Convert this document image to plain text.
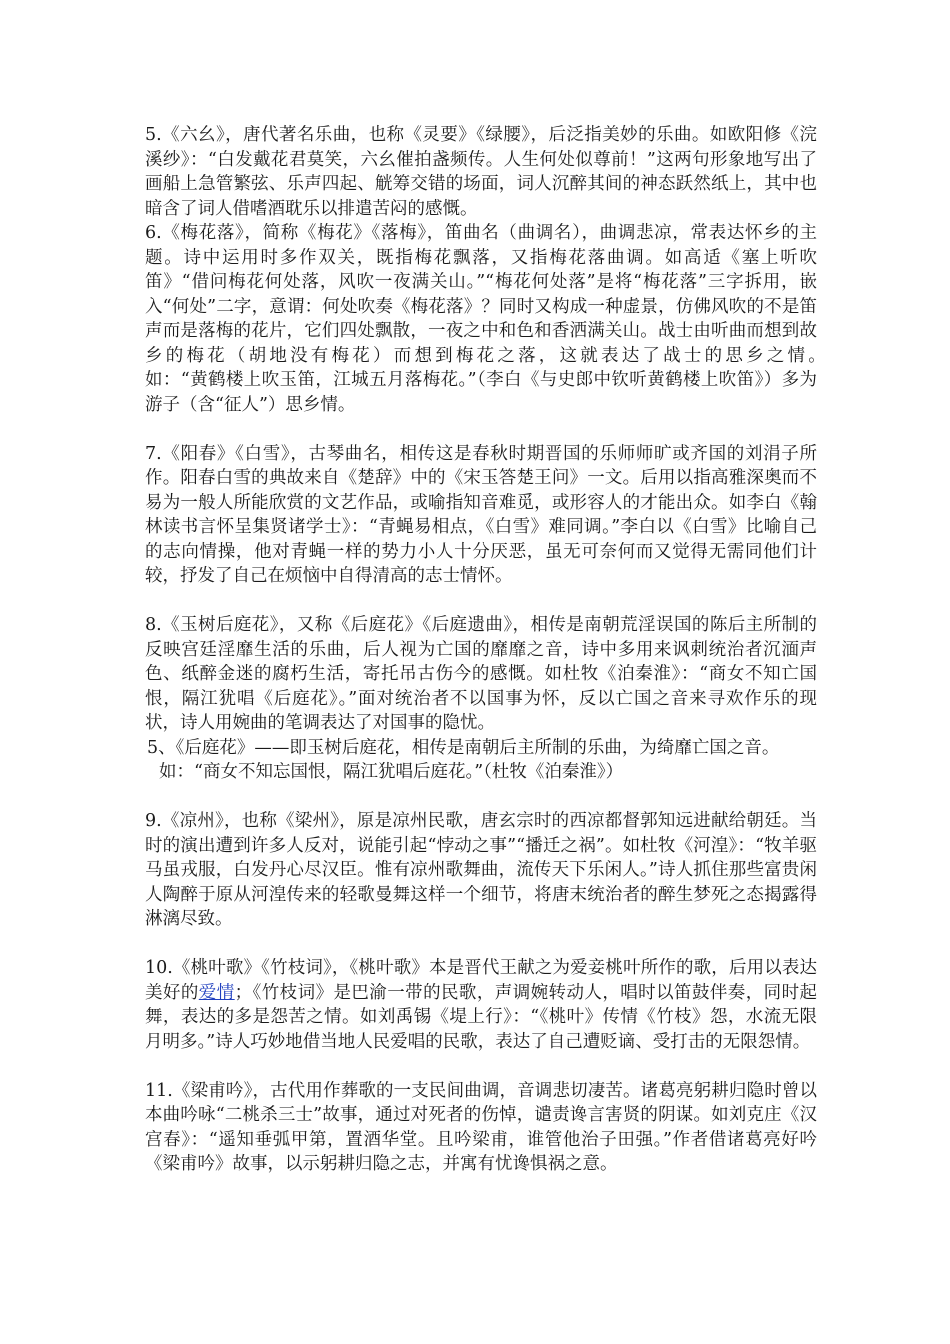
5.《六幺》，唐代著名乐曲，也称《灵要》《绿腰》，后泛指美妙的乐曲。如欧阳修《浣溪纱》：“白发戴花君莫笑，六幺催拍盏频传。人生何处似尊前！”这两句形象地写出了画船上急管繁弦、乐声四起、觥筹交错的场面，词人沉醉其间的神态跃然纸上，其中也暗含了词人借嗜酒耽乐以排遣苦闷的感慨。

6.《梅花落》，简称《梅花》《落梅》，笛曲名（曲调名），曲调悲凉，常表达怀乡的主题。诗中运用时多作双关，既指梅花飘落，又指梅花落曲调。如高适《塞上听吹笛》“借问梅花何处落，风吹一夜满关山。”“梅花何处落”是将“梅花落”三字拆用，嵌入“何处”二字，意谓：何处吹奏《梅花落》？同时又构成一种虚景，仿佛风吹的不是笛声而是落梅的花片，它们四处飘散，一夜之中和色和香洒满关山。战士由听曲而想到故乡的梅花（胡地没有梅花）而想到梅花之落，这就表达了战士的思乡之情。　　　如：“黄鹤楼上吹玉笛，江城五月落梅花。”（李白《与史郎中钦听黄鹤楼上吹笛》）多为游子（含“征人”）思乡情。

7.《阳春》《白雪》，古琴曲名，相传这是春秋时期晋国的乐师师旷或齐国的刘涓子所作。阳春白雪的典故来自《楚辞》中的《宋玉答楚王问》一文。后用以指高雅深奥而不易为一般人所能欣赏的文艺作品，或喻指知音难觅，或形容人的才能出众。如李白《翰林读书言怀呈集贤诸学士》：“青蝇易相点，《白雪》难同调。”李白以《白雪》比喻自己的志向情操，他对青蝇一样的势力小人十分厌恶，虽无可奈何而又觉得无需同他们计较，抒发了自己在烦恼中自得清高的志士情怀。

8.《玉树后庭花》，又称《后庭花》《后庭遗曲》，相传是南朝荒淫误国的陈后主所制的反映宫廷淫靡生活的乐曲，后人视为亡国的靡靡之音，诗中多用来讽刺统治者沉湎声色、纸醉金迷的腐朽生活，寄托吊古伤今的感慨。如杜牧《泊秦淮》：“商女不知亡国恨，隔江犹唱《后庭花》。”面对统治者不以国事为怀，反以亡国之音来寻欢作乐的现状，诗人用婉曲的笔调表达了对国事的隐忧。

5、《后庭花》——即玉树后庭花，相传是南朝后主所制的乐曲，为绮靡亡国之音。

如：“商女不知忘国恨，隔江犹唱后庭花。”（杜牧《泊秦淮》）

9.《凉州》，也称《梁州》，原是凉州民歌，唐玄宗时的西凉都督郭知远进献给朝廷。当时的演出遭到许多人反对，说能引起“悖动之事”“播迁之祸”。如杜牧《河湟》：“牧羊驱马虽戎服，白发丹心尽汉臣。惟有凉州歌舞曲，流传天下乐闲人。”诗人抓住那些富贵闲人陶醉于原从河湟传来的轻歌曼舞这样一个细节，将唐末统治者的醉生梦死之态揭露得淋漓尽致。

10.《桃叶歌》《竹枝词》，《桃叶歌》本是晋代王献之为爱妾桃叶所作的歌，后用以表达美好的爱情；《竹枝词》是巴渝一带的民歌，声调婉转动人，唱时以笛鼓伴奏，同时起舞，表达的多是怨苦之情。如刘禹锡《堤上行》：“《桃叶》传情《竹枝》怨，水流无限月明多。”诗人巧妙地借当地人民爱唱的民歌，表达了自己遭贬谪、受打击的无限怨情。

11.《梁甫吟》，古代用作葬歌的一支民间曲调，音调悲切凄苦。诸葛亮躬耕归隐时曾以本曲吟咏“二桃杀三士”故事，通过对死者的伤悼，谴责谗言害贤的阴谋。如刘克庄《汉宫春》：“遥知垂弧甲第，置酒华堂。且吟梁甫，谁管他治子田强。”作者借诸葛亮好吟《梁甫吟》故事，以示躬耕归隐之志，并寓有忧谗惧祸之意。
